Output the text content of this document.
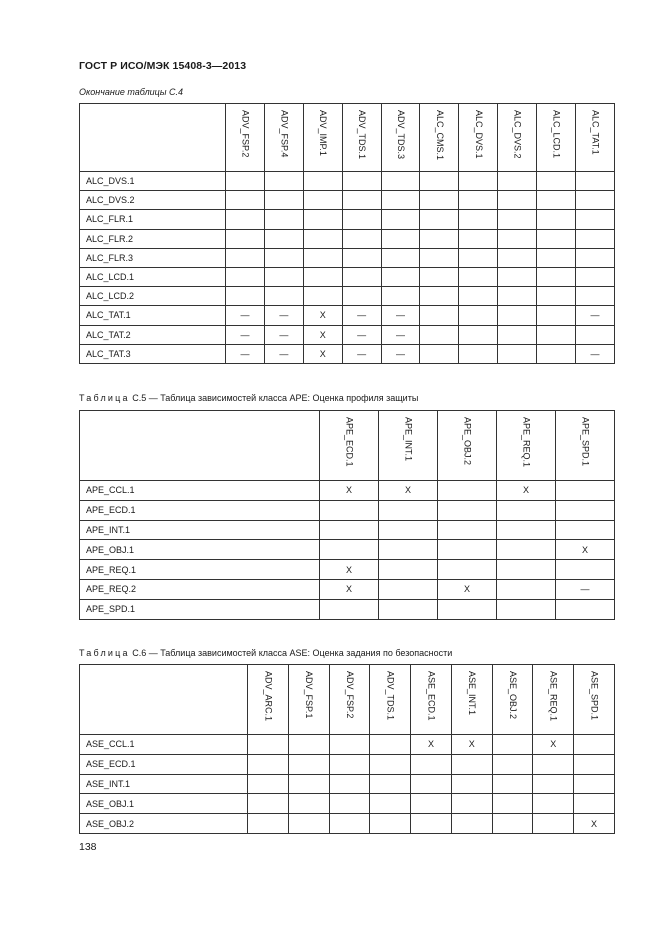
ГОСТ Р ИСО/МЭК 15408-3—2013
Окончание таблицы С.4
	ADV_FSP.2	ADV_FSP.4	ADV_IMP.1	ADV_TDS.1	ADV_TDS.3	ALC_CMS.1	ALC_DVS.1	ALC_DVS.2	ALC_LCD.1	ALC_TAT.1
ALC_DVS.1										
ALC_DVS.2										
ALC_FLR.1										
ALC_FLR.2										
ALC_FLR.3										
ALC_LCD.1										
ALC_LCD.2										
ALC_TAT.1	—	—	X	—	—					—
ALC_TAT.2	—	—	X	—	—					
ALC_TAT.3	—	—	X	—	—					—
Таблица С.5 — Таблица зависимостей класса APE: Оценка профиля защиты
	APE_ECD.1	APE_INT.1	APE_OBJ.2	APE_REQ.1	APE_SPD.1
APE_CCL.1	X	X		X	
APE_ECD.1					
APE_INT.1					
APE_OBJ.1					X
APE_REQ.1	X				
APE_REQ.2	X		X		—
APE_SPD.1					
Таблица С.6 — Таблица зависимостей класса ASE: Оценка задания по безопасности
	ADV_ARC.1	ADV_FSP.1	ADV_FSP.2	ADV_TDS.1	ASE_ECD.1	ASE_INT.1	ASE_OBJ.2	ASE_REQ.1	ASE_SPD.1
ASE_CCL.1					X	X		X	
ASE_ECD.1									
ASE_INT.1									
ASE_OBJ.1									
ASE_OBJ.2									X
138
